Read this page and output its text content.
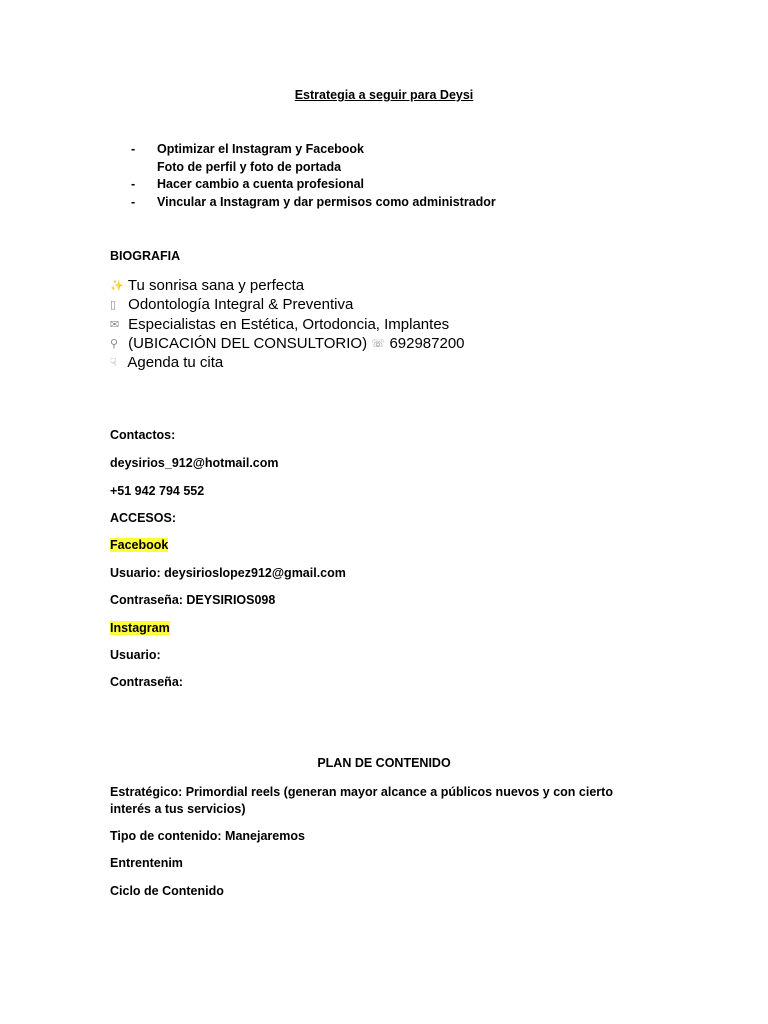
Estrategia a seguir para Deysi
- Optimizar el Instagram y Facebook
Foto de perfil y foto de portada
- Hacer cambio a cuenta profesional
- Vincular a Instagram y dar permisos como administrador
BIOGRAFIA
✨ Tu sonrisa sana y perfecta
▯ Odontología Integral & Preventiva
✉ Especialistas en Estética, Ortodoncia, Implantes
⚲ (UBICACIÓN DEL CONSULTORIO) ☏ 692987200
☟ Agenda tu cita
Contactos:
deysirios_912@hotmail.com
+51 942 794 552
ACCESOS:
Facebook
Usuario: deysirioslopez912@gmail.com
Contraseña: DEYSIRIOS098
Instagram
Usuario:
Contraseña:
PLAN DE CONTENIDO
Estratégico: Primordial reels (generan mayor alcance a públicos nuevos y con cierto interés a tus servicios)
Tipo de contenido: Manejaremos
Entrentenim
Ciclo de Contenido
